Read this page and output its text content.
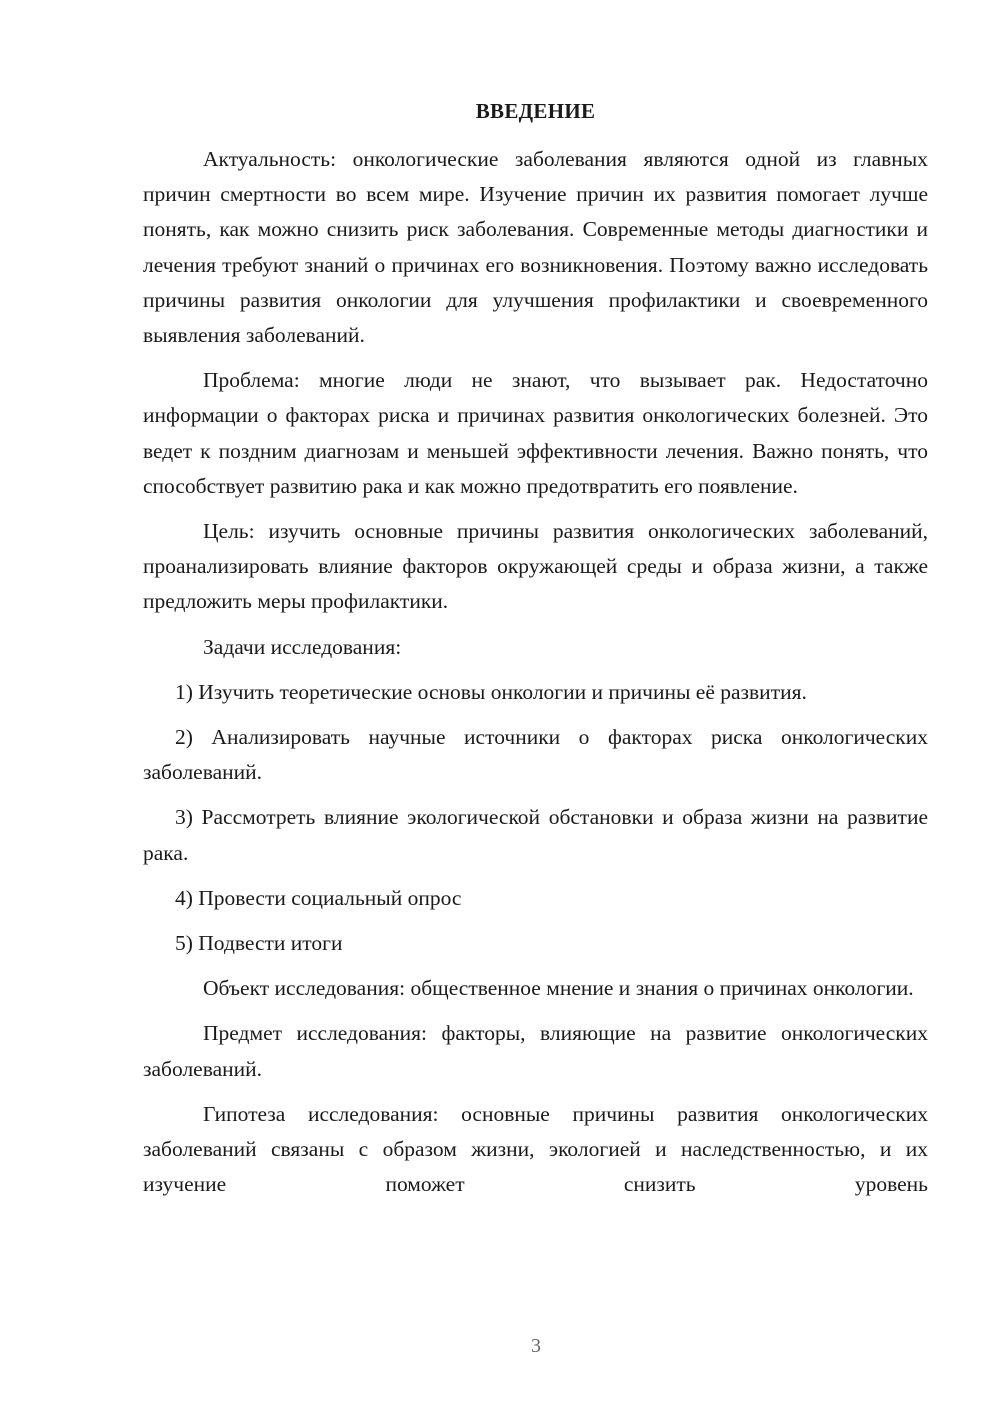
ВВЕДЕНИЕ

Актуальность: онкологические заболевания являются одной из главных причин смертности во всем мире. Изучение причин их развития помогает лучше понять, как можно снизить риск заболевания. Современные методы диагностики и лечения требуют знаний о причинах его возникновения. Поэтому важно исследовать причины развития онкологии для улучшения профилактики и своевременного выявления заболеваний.

Проблема: многие люди не знают, что вызывает рак. Недостаточно информации о факторах риска и причинах развития онкологических болезней. Это ведет к поздним диагнозам и меньшей эффективности лечения. Важно понять, что способствует развитию рака и как можно предотвратить его появление.

Цель: изучить основные причины развития онкологических заболеваний, проанализировать влияние факторов окружающей среды и образа жизни, а также предложить меры профилактики.

Задачи исследования:

1) Изучить теоретические основы онкологии и причины её развития.

2) Анализировать научные источники о факторах риска онкологических заболеваний.

3) Рассмотреть влияние экологической обстановки и образа жизни на развитие рака.

4) Провести социальный опрос

5) Подвести итоги

Объект исследования: общественное мнение и знания о причинах онкологии.

Предмет исследования: факторы, влияющие на развитие онкологических заболеваний.

Гипотеза исследования: основные причины развития онкологических заболеваний связаны с образом жизни, экологией и наследственностью, и их изучение поможет снизить уровень

3
